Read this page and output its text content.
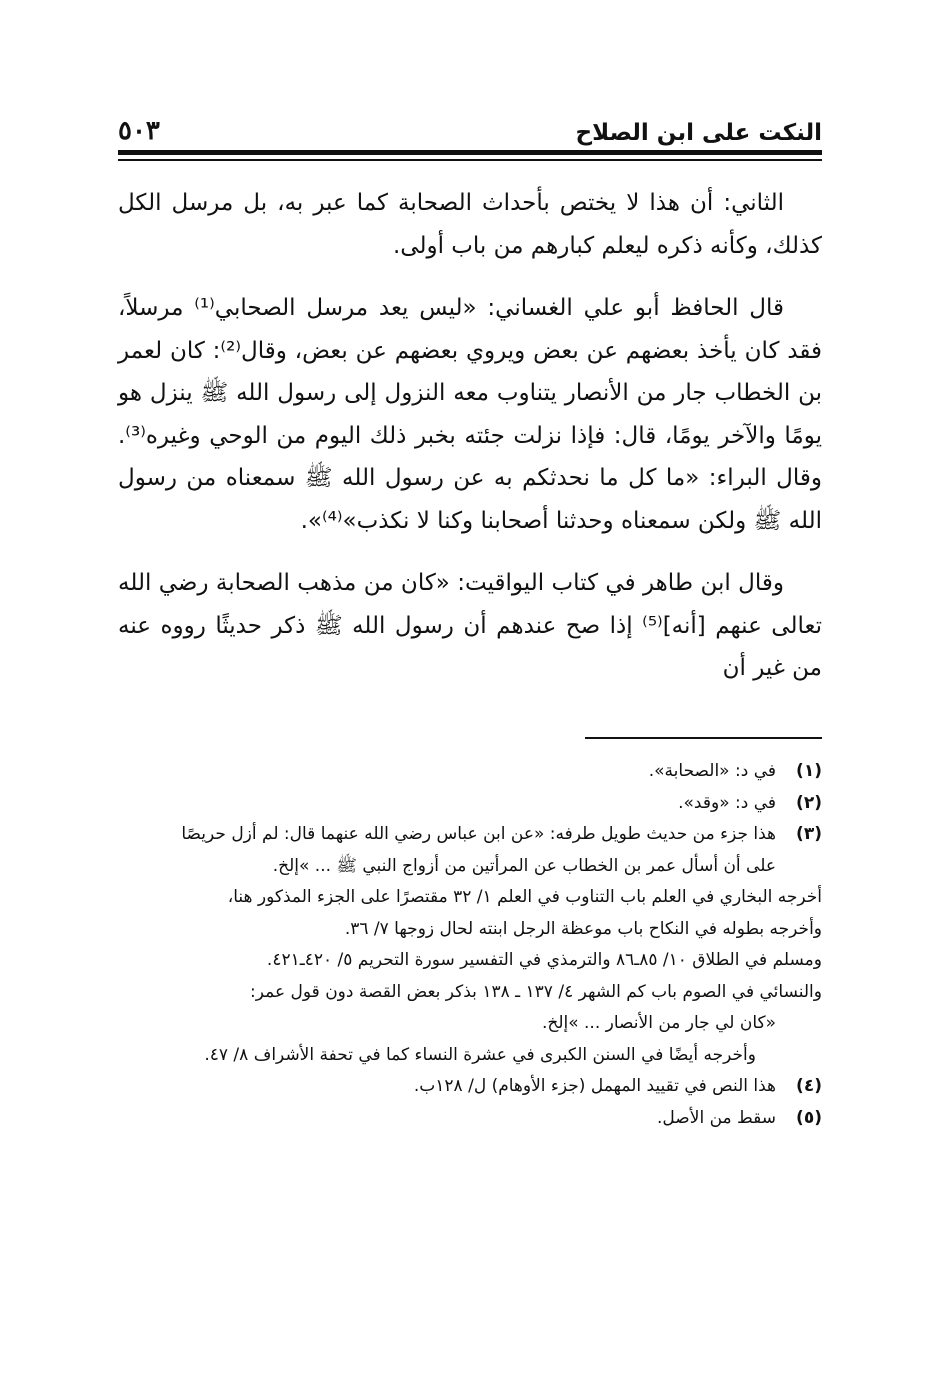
٥٠٣	النكت على ابن الصلاح

الثاني: أن هذا لا يختص بأحداث الصحابة كما عبر به، بل مرسل الكل كذلك، وكأنه ذكره ليعلم كبارهم من باب أولى.

قال الحافظ أبو علي الغساني: «ليس يعد مرسل الصحابي⁽¹⁾ مرسلاً، فقد كان يأخذ بعضهم عن بعض ويروي بعضهم عن بعض، وقال⁽²⁾: كان لعمر بن الخطاب جار من الأنصار يتناوب معه النزول إلى رسول الله ﷺ ينزل هو يومًا والآخر يومًا، قال: فإذا نزلت جئته بخبر ذلك اليوم من الوحي وغيره⁽³⁾. وقال البراء: «ما كل ما نحدثكم به عن رسول الله ﷺ سمعناه من رسول الله ﷺ ولكن سمعناه وحدثنا أصحابنا وكنا لا نكذب»⁽⁴⁾».

وقال ابن طاهر في كتاب اليواقيت: «كان من مذهب الصحابة رضي الله تعالى عنهم [أنه]⁽⁵⁾ إذا صح عندهم أن رسول الله ﷺ ذكر حديثًا رووه عنه من غير أن

(١)

في د: «الصحابة».

(٢)

في د: «وقد».

(٣)

هذا جزء من حديث طويل طرفه: «عن ابن عباس رضي الله عنهما قال: لم أزل حريصًا

على أن أسأل عمر بن الخطاب عن المرأتين من أزواج النبي ﷺ ... »إلخ.

أخرجه البخاري في العلم باب التناوب في العلم ١/ ٣٢ مقتصرًا على الجزء المذكور هنا،

وأخرجه بطوله في النكاح باب موعظة الرجل ابنته لحال زوجها ٧/ ٣٦.

ومسلم في الطلاق ١٠/ ٨٥ـ٨٦ والترمذي في التفسير سورة التحريم ٥/ ٤٢٠ـ٤٢١.

والنسائي في الصوم باب كم الشهر ٤/ ١٣٧ ـ ١٣٨ بذكر بعض القصة دون قول عمر:

«كان لي جار من الأنصار ... »إلخ.

وأخرجه أيضًا في السنن الكبرى في عشرة النساء كما في تحفة الأشراف ٨/ ٤٧.

(٤)

هذا النص في تقييد المهمل (جزء الأوهام) ل/ ١٢٨ب.

(٥)

سقط من الأصل.
